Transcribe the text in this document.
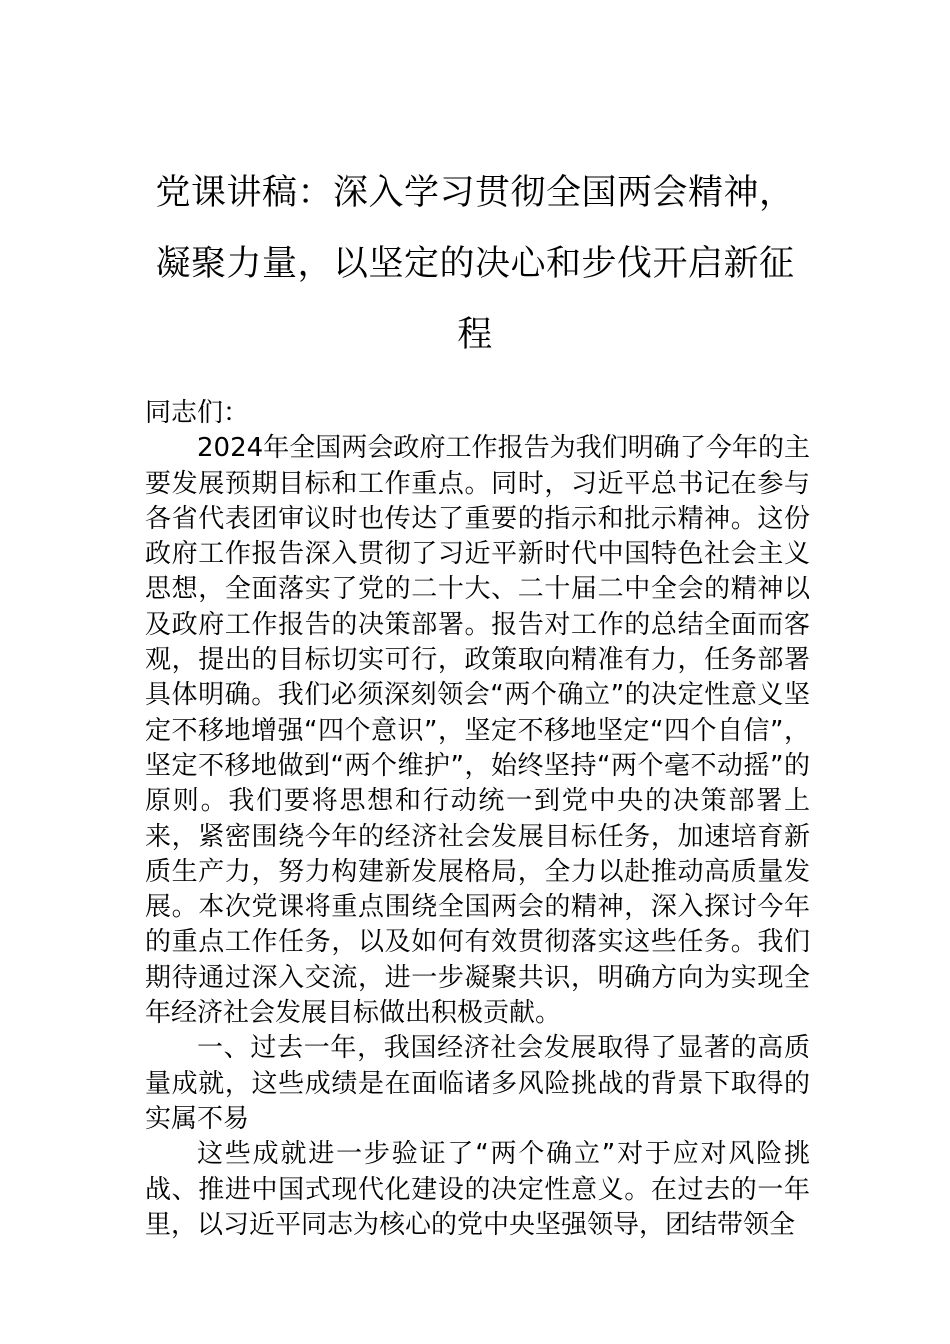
党课讲稿：深入学习贯彻全国两会精神，凝聚力量，以坚定的决心和步伐开启新征程

同志们：

2024年全国两会政府工作报告为我们明确了今年的主要发展预期目标和工作重点。同时，习近平总书记在参与各省代表团审议时也传达了重要的指示和批示精神。这份政府工作报告深入贯彻了习近平新时代中国特色社会主义思想，全面落实了党的二十大、二十届二中全会的精神以及政府工作报告的决策部署。报告对工作的总结全面而客观，提出的目标切实可行，政策取向精准有力，任务部署具体明确。我们必须深刻领会“两个确立”的决定性意义坚定不移地增强“四个意识”，坚定不移地坚定“四个自信”，坚定不移地做到“两个维护”，始终坚持“两个毫不动摇”的原则。我们要将思想和行动统一到党中央的决策部署上来，紧密围绕今年的经济社会发展目标任务，加速培育新质生产力，努力构建新发展格局，全力以赴推动高质量发展。本次党课将重点围绕全国两会的精神，深入探讨今年的重点工作任务，以及如何有效贯彻落实这些任务。我们期待通过深入交流，进一步凝聚共识，明确方向为实现全年经济社会发展目标做出积极贡献。

一、过去一年，我国经济社会发展取得了显著的高质量成就，这些成绩是在面临诸多风险挑战的背景下取得的实属不易

这些成就进一步验证了“两个确立”对于应对风险挑战、推进中国式现代化建设的决定性意义。在过去的一年里，以习近平同志为核心的党中央坚强领导，团结带领全
